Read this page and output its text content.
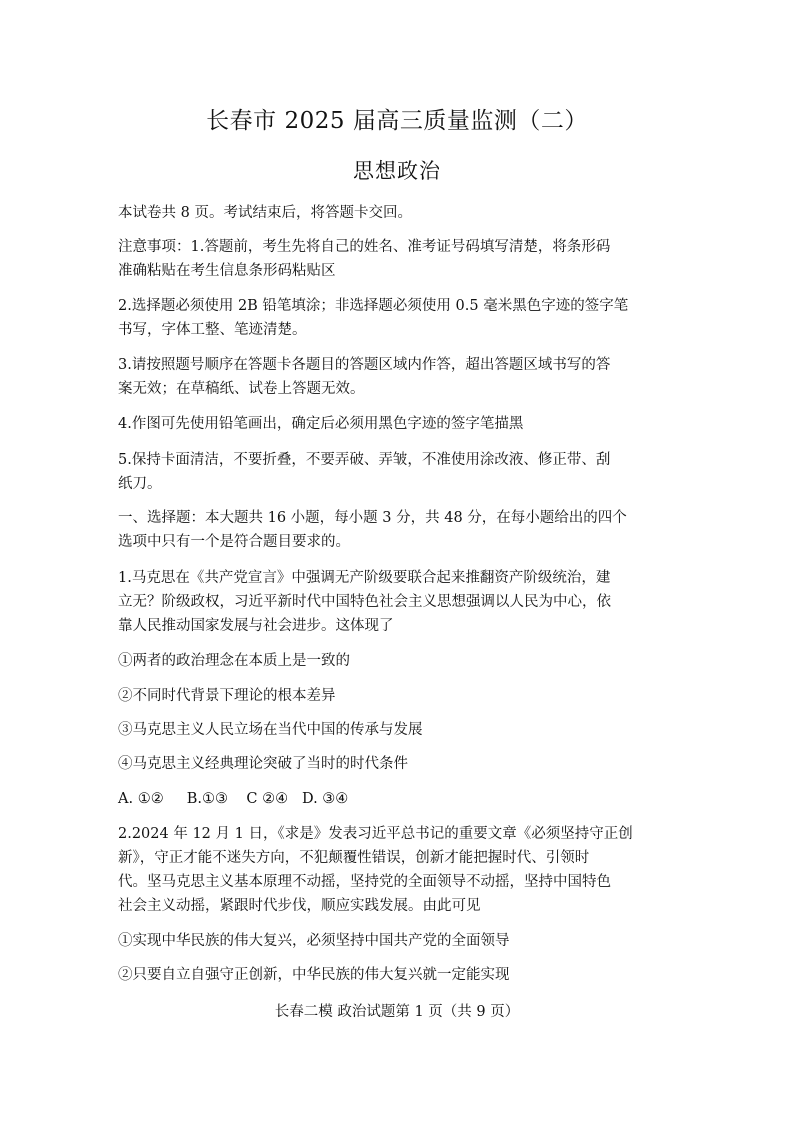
长春市 2025 届高三质量监测（二）
思想政治
本试卷共 8 页。考试结束后，将答题卡交回。
注意事项：1.答题前，考生先将自己的姓名、准考证号码填写清楚，将条形码
准确粘贴在考生信息条形码粘贴区
2.选择题必须使用 2B 铅笔填涂；非选择题必须使用 0.5 毫米黑色字迹的签字笔
书写，字体工整、笔迹清楚。
3.请按照题号顺序在答题卡各题目的答题区域内作答，超出答题区域书写的答
案无效；在草稿纸、试卷上答题无效。
4.作图可先使用铅笔画出，确定后必须用黑色字迹的签字笔描黑
5.保持卡面清洁，不要折叠，不要弄破、弄皱，不准使用涂改液、修正带、刮
纸刀。
一、选择题：本大题共 16 小题，每小题 3 分，共 48 分，在每小题给出的四个
选项中只有一个是符合题目要求的。
1.马克思在《共产党宣言》中强调无产阶级要联合起来推翻资产阶级统治，建
立无？阶级政权，习近平新时代中国特色社会主义思想强调以人民为中心，依
靠人民推动国家发展与社会进步。这体现了
①两者的政治理念在本质上是一致的
②不同时代背景下理论的根本差异
③马克思主义人民立场在当代中国的传承与发展
④马克思主义经典理论突破了当时的时代条件
A. ①②     B.①③    C ②④   D. ③④
2.2024 年 12 月 1 日，《求是》发表习近平总书记的重要文章《必须坚持守正创
新》，守正才能不迷失方向，不犯颠覆性错误，创新才能把握时代、引领时
代。坚马克思主义基本原理不动摇，坚持党的全面领导不动摇，坚持中国特色
社会主义动摇，紧跟时代步伐，顺应实践发展。由此可见
①实现中华民族的伟大复兴，必须坚持中国共产党的全面领导
②只要自立自强守正创新，中华民族的伟大复兴就一定能实现
长春二模 政治试题第 1 页（共 9 页）
